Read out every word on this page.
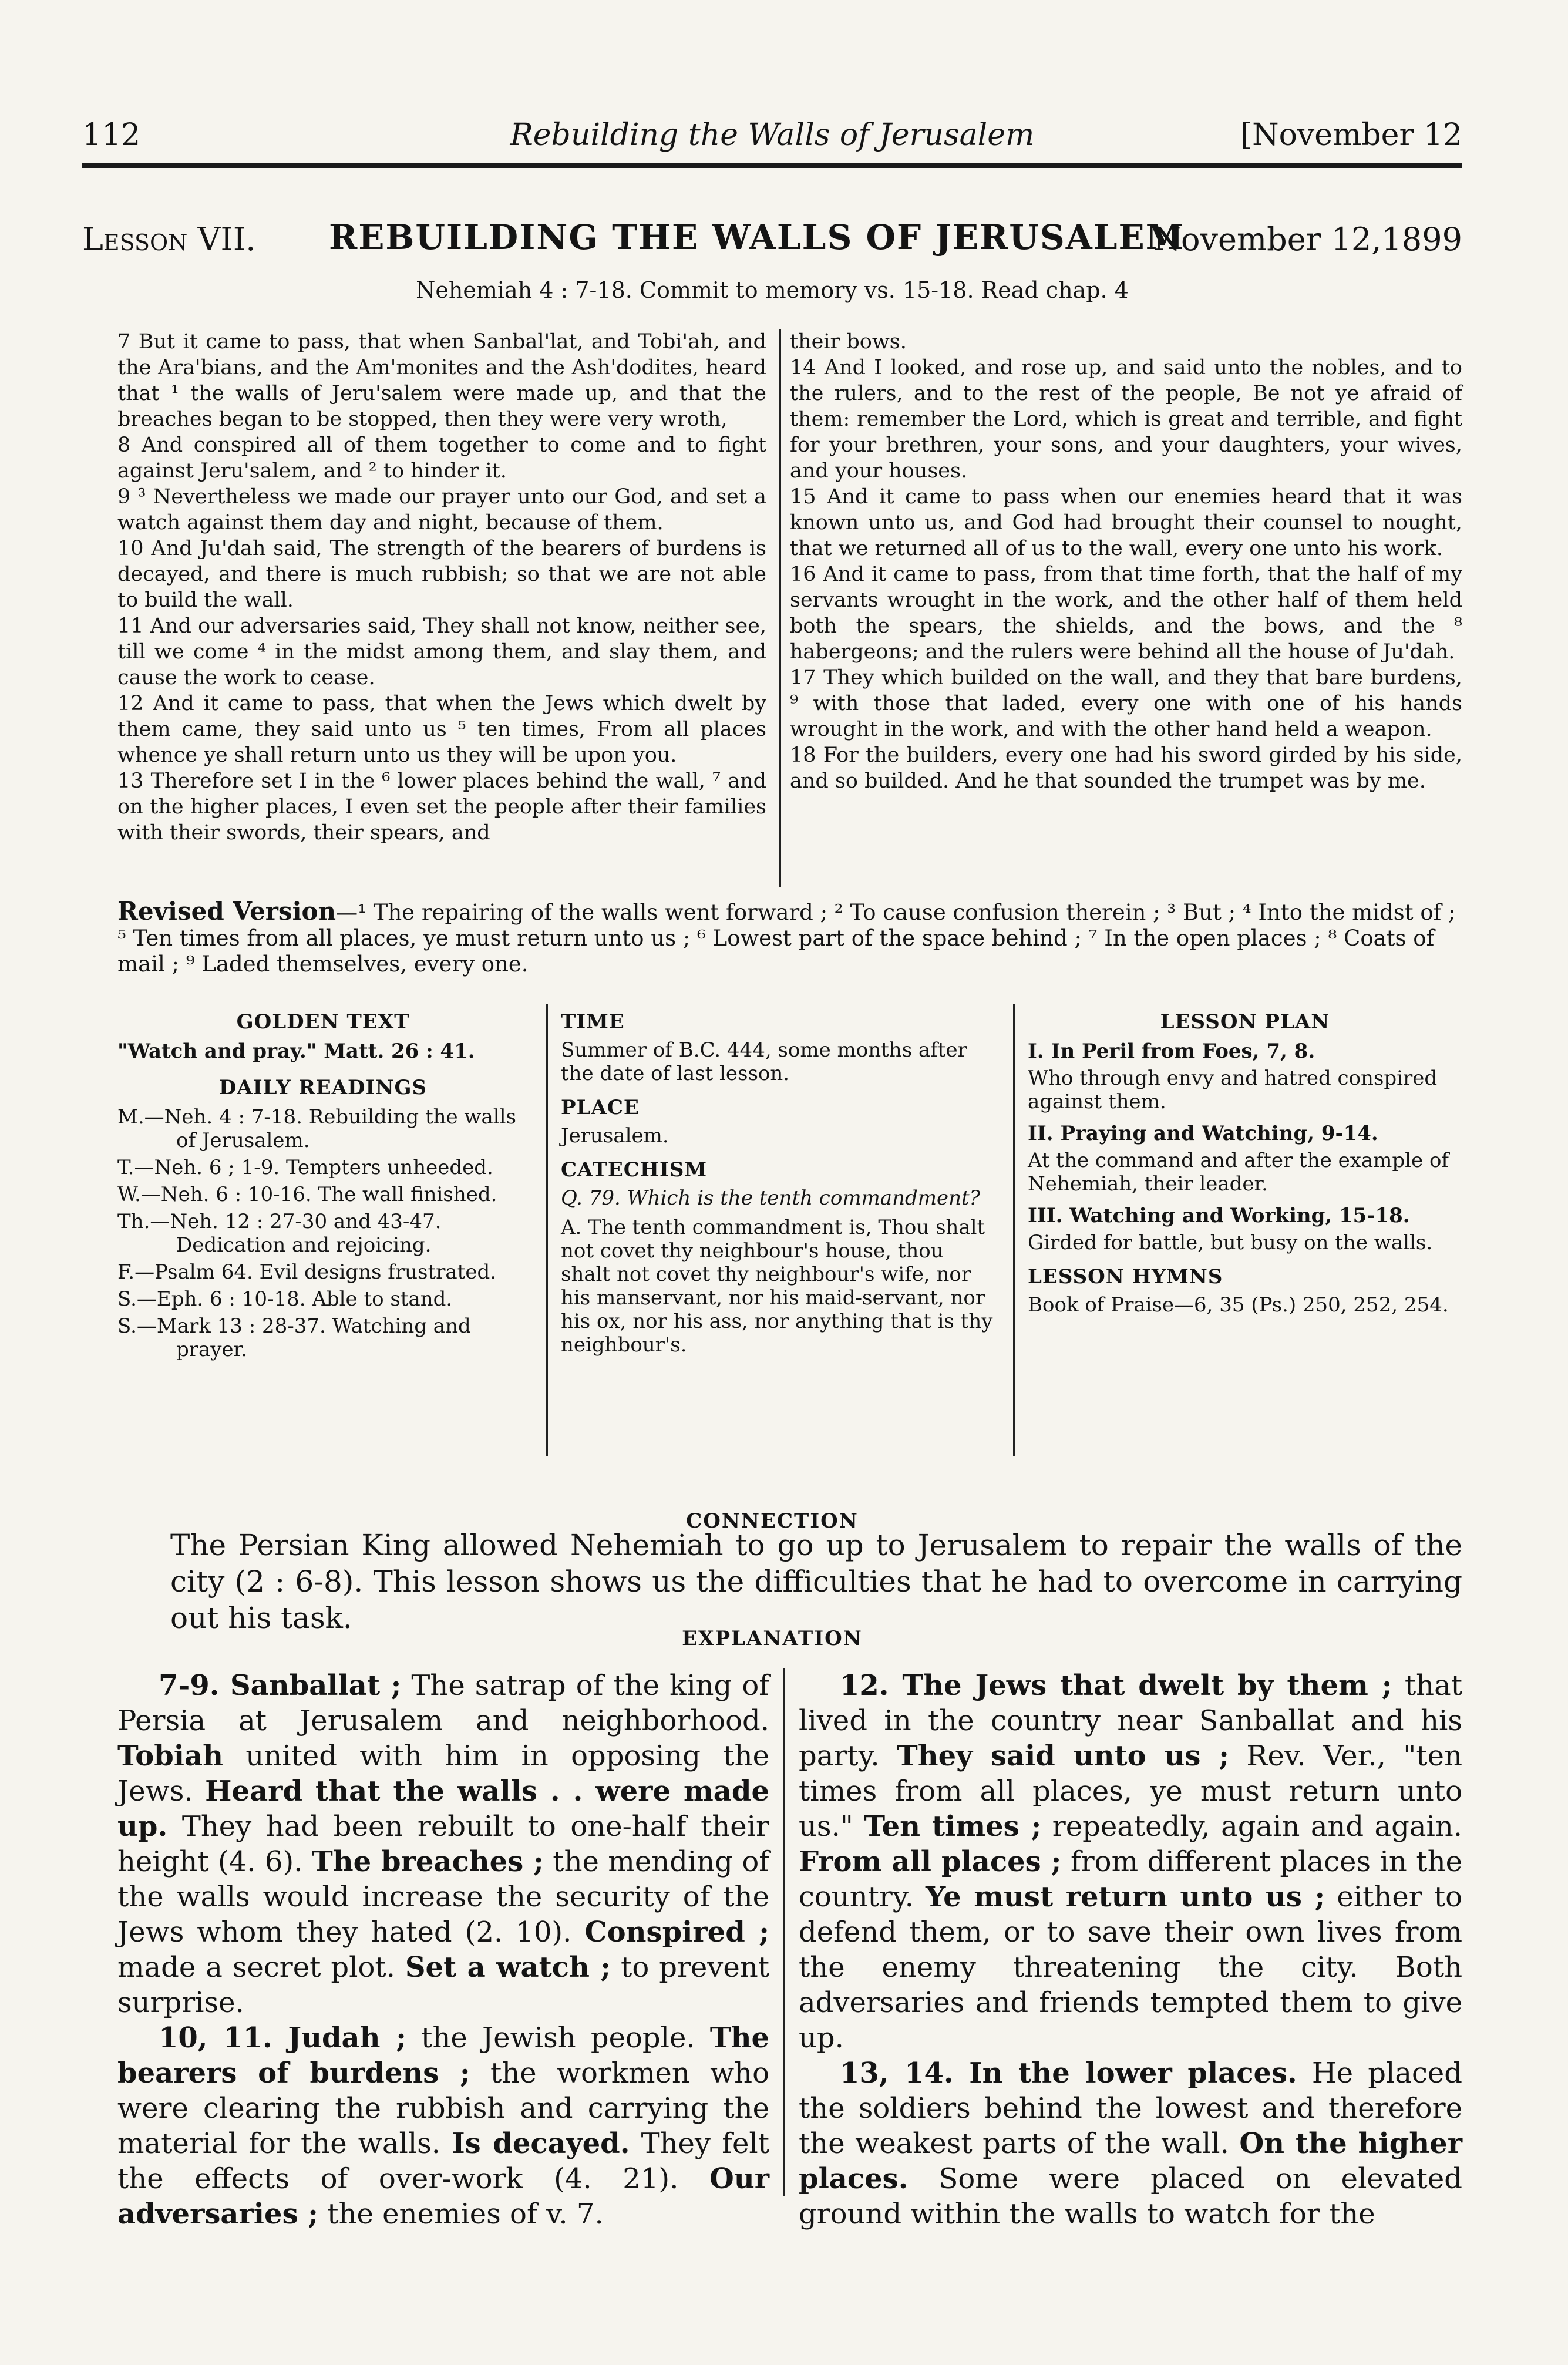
112	Rebuilding the Walls of Jerusalem	[November 12
Lesson VII. REBUILDING THE WALLS OF JERUSALEM
November 12,1899
Nehemiah 4 : 7-18. Commit to memory vs. 15-18. Read chap. 4

7 But it came to pass, that when Sanbal'lat, and Tobi'ah, and the Ara'bians, and the Am'monites and the Ash'dodites, heard that ¹ the walls of Jeru'salem were made up, and that the breaches began to be stopped, then they were very wroth,

8 And conspired all of them together to come and to fight against Jeru'salem, and ² to hinder it.

9 ³ Nevertheless we made our prayer unto our God, and set a watch against them day and night, because of them.

10 And Ju'dah said, The strength of the bearers of burdens is decayed, and there is much rubbish; so that we are not able to build the wall.

11 And our adversaries said, They shall not know, neither see, till we come ⁴ in the midst among them, and slay them, and cause the work to cease.

12 And it came to pass, that when the Jews which dwelt by them came, they said unto us ⁵ ten times, From all places whence ye shall return unto us they will be upon you.

13 Therefore set I in the ⁶ lower places behind the wall, ⁷ and on the higher places, I even set the people after their families with their swords, their spears, and

their bows.

14 And I looked, and rose up, and said unto the nobles, and to the rulers, and to the rest of the people, Be not ye afraid of them: remember the Lord, which is great and terrible, and fight for your brethren, your sons, and your daughters, your wives, and your houses.

15 And it came to pass when our enemies heard that it was known unto us, and God had brought their counsel to nought, that we returned all of us to the wall, every one unto his work.

16 And it came to pass, from that time forth, that the half of my servants wrought in the work, and the other half of them held both the spears, the shields, and the bows, and the ⁸ habergeons; and the rulers were behind all the house of Ju'dah.

17 They which builded on the wall, and they that bare burdens, ⁹ with those that laded, every one with one of his hands wrought in the work, and with the other hand held a weapon.

18 For the builders, every one had his sword girded by his side, and so builded. And he that sounded the trumpet was by me.

Revised Version—¹ The repairing of the walls went forward ; ² To cause confusion therein ; ³ But ; ⁴ Into the midst of ; ⁵ Ten times from all places, ye must return unto us ; ⁶ Lowest part of the space behind ; ⁷ In the open places ; ⁸ Coats of mail ; ⁹ Laded themselves, every one.
GOLDEN TEXT

"Watch and pray." Matt. 26 : 41.

DAILY READINGS

M.—Neh. 4 : 7-18. Rebuilding the walls of Jerusalem.

T.—Neh. 6 ; 1-9. Tempters unheeded.

W.—Neh. 6 : 10-16. The wall finished.

Th.—Neh. 12 : 27-30 and 43-47. Dedication and rejoicing.

F.—Psalm 64. Evil designs frustrated.

S.—Eph. 6 : 10-18. Able to stand.

S.—Mark 13 : 28-37. Watching and prayer.

TIME

Summer of B.C. 444, some months after the date of last lesson.

PLACE

Jerusalem.

CATECHISM

Q. 79. Which is the tenth commandment?

A. The tenth commandment is, Thou shalt not covet thy neighbour's house, thou shalt not covet thy neighbour's wife, nor his manservant, nor his maid-servant, nor his ox, nor his ass, nor anything that is thy neighbour's.

LESSON PLAN

I. In Peril from Foes, 7, 8.

Who through envy and hatred conspired against them.

II. Praying and Watching, 9-14.

At the command and after the example of Nehemiah, their leader.

III. Watching and Working, 15-18.

Girded for battle, but busy on the walls.

LESSON HYMNS

Book of Praise—6, 35 (Ps.) 250, 252, 254.

CONNECTION
The Persian King allowed Nehemiah to go up to Jerusalem to repair the walls of the city (2 : 6-8). This lesson shows us the difficulties that he had to overcome in carrying out his task.
EXPLANATION

7-9. Sanballat ; The satrap of the king of Persia at Jerusalem and neighborhood. Tobiah united with him in opposing the Jews. Heard that the walls . . were made up. They had been rebuilt to one-half their height (4. 6). The breaches ; the mending of the walls would increase the security of the Jews whom they hated (2. 10). Conspired ; made a secret plot. Set a watch ; to prevent surprise.

10, 11. Judah ; the Jewish people. The bearers of burdens ; the workmen who were clearing the rubbish and carrying the material for the walls. Is decayed. They felt the effects of over-work (4. 21). Our adversaries ; the enemies of v. 7.

12. The Jews that dwelt by them ; that lived in the country near Sanballat and his party. They said unto us ; Rev. Ver., "ten times from all places, ye must return unto us." Ten times ; repeatedly, again and again. From all places ; from different places in the country. Ye must return unto us ; either to defend them, or to save their own lives from the enemy threatening the city. Both adversaries and friends tempted them to give up.

13, 14. In the lower places. He placed the soldiers behind the lowest and therefore the weakest parts of the wall. On the higher places. Some were placed on elevated ground within the walls to watch for the
